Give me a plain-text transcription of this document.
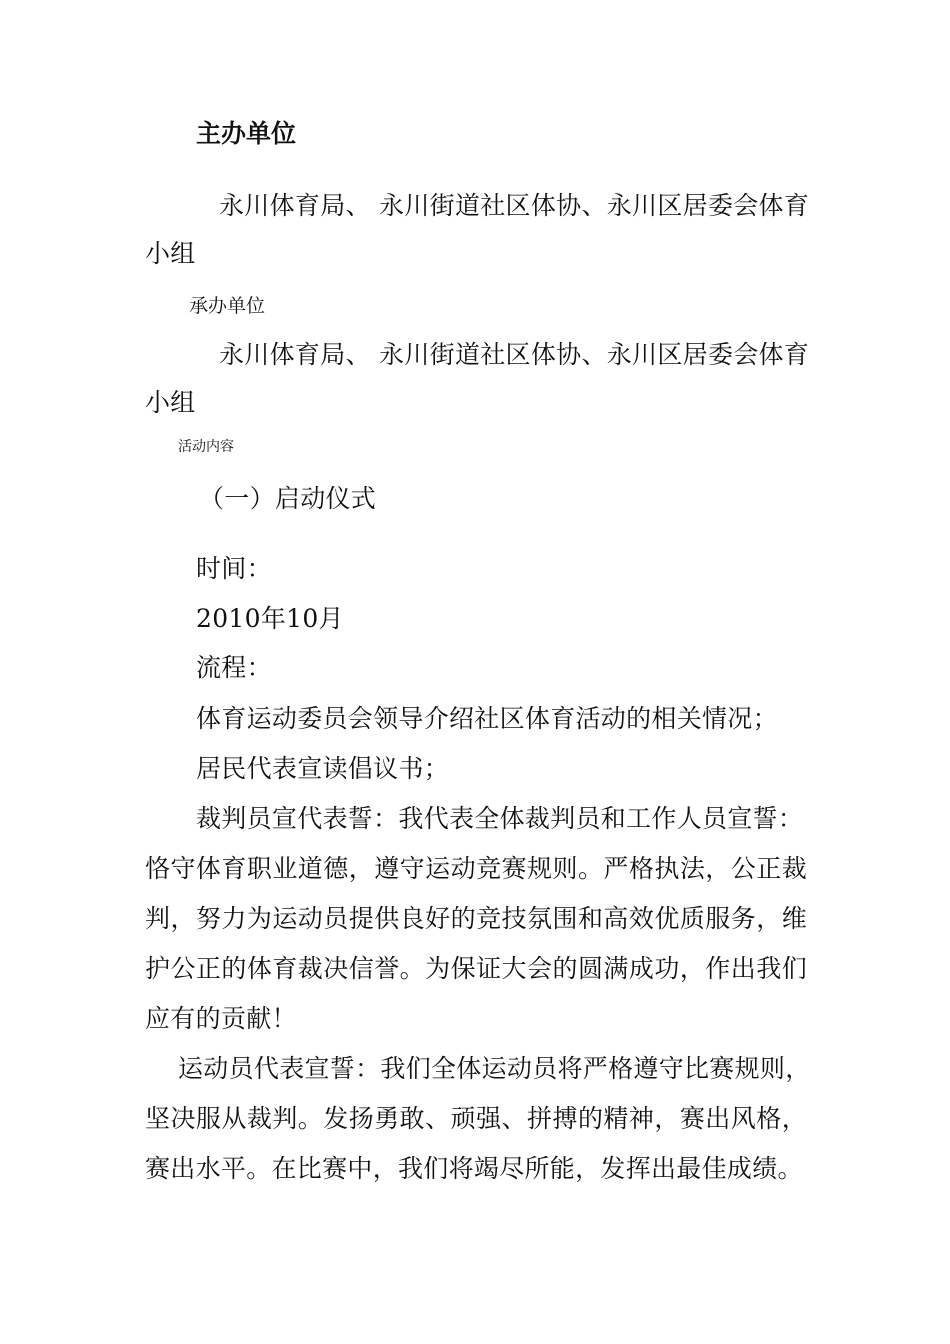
主办单位
永川体育局、 永川街道社区体协、永川区居委会体育
小组
承办单位
永川体育局、 永川街道社区体协、永川区居委会体育
小组
活动内容
（一）启动仪式
时间：
2010年10月
流程：
体育运动委员会领导介绍社区体育活动的相关情况；
居民代表宣读倡议书；
裁判员宣代表誓：我代表全体裁判员和工作人员宣誓：
恪守体育职业道德，遵守运动竞赛规则。严格执法，公正裁
判，努力为运动员提供良好的竞技氛围和高效优质服务，维
护公正的体育裁决信誉。为保证大会的圆满成功，作出我们
应有的贡献！
运动员代表宣誓：我们全体运动员将严格遵守比赛规则，
坚决服从裁判。发扬勇敢、顽强、拼搏的精神，赛出风格，
赛出水平。在比赛中，我们将竭尽所能，发挥出最佳成绩。
